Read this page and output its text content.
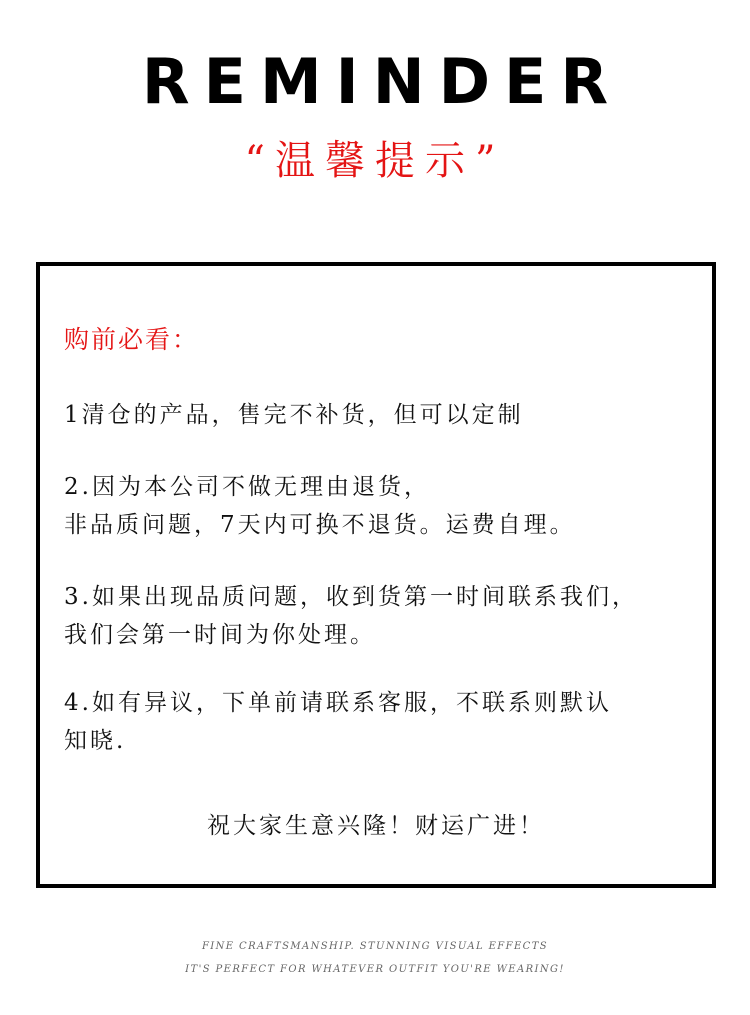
REMINDER
“温馨提示”
购前必看：
1清仓的产品，售完不补货，但可以定制
2.因为本公司不做无理由退货，
非品质问题，7天内可换不退货。运费自理。
3.如果出现品质问题，收到货第一时间联系我们，
我们会第一时间为你处理。
4.如有异议，下单前请联系客服，不联系则默认
知晓.
祝大家生意兴隆！财运广进！
FINE CRAFTSMANSHIP. STUNNING VISUAL EFFECTS
IT'S PERFECT FOR WHATEVER OUTFIT YOU'RE WEARING!
